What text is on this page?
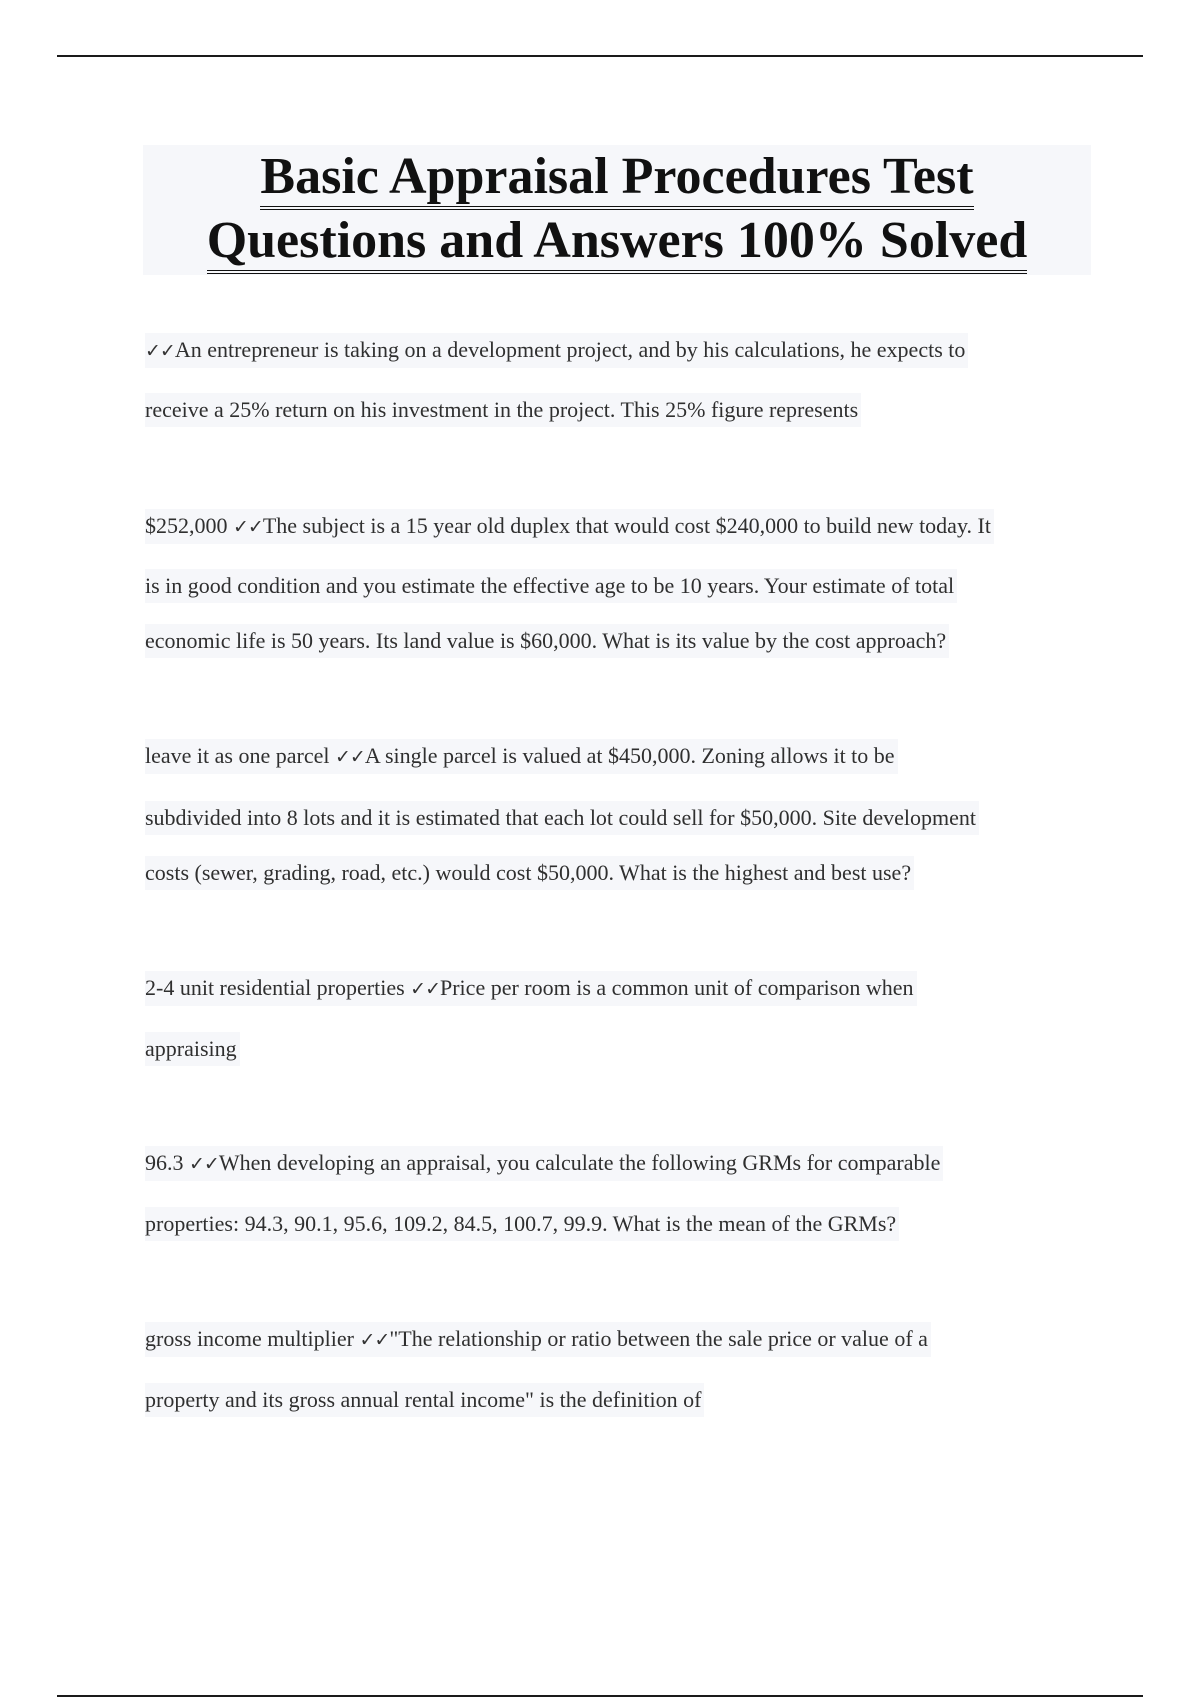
Basic Appraisal Procedures Test
Questions and Answers 100% Solved
✓✓An entrepreneur is taking on a development project, and by his calculations, he expects to
receive a 25% return on his investment in the project. This 25% figure represents
$252,000 ✓✓The subject is a 15 year old duplex that would cost $240,000 to build new today. It
is in good condition and you estimate the effective age to be 10 years. Your estimate of total
economic life is 50 years. Its land value is $60,000. What is its value by the cost approach?
leave it as one parcel ✓✓A single parcel is valued at $450,000. Zoning allows it to be
subdivided into 8 lots and it is estimated that each lot could sell for $50,000. Site development
costs (sewer, grading, road, etc.) would cost $50,000. What is the highest and best use?
2-4 unit residential properties ✓✓Price per room is a common unit of comparison when
appraising
96.3 ✓✓When developing an appraisal, you calculate the following GRMs for comparable
properties: 94.3, 90.1, 95.6, 109.2, 84.5, 100.7, 99.9. What is the mean of the GRMs?
gross income multiplier ✓✓"The relationship or ratio between the sale price or value of a
property and its gross annual rental income" is the definition of
